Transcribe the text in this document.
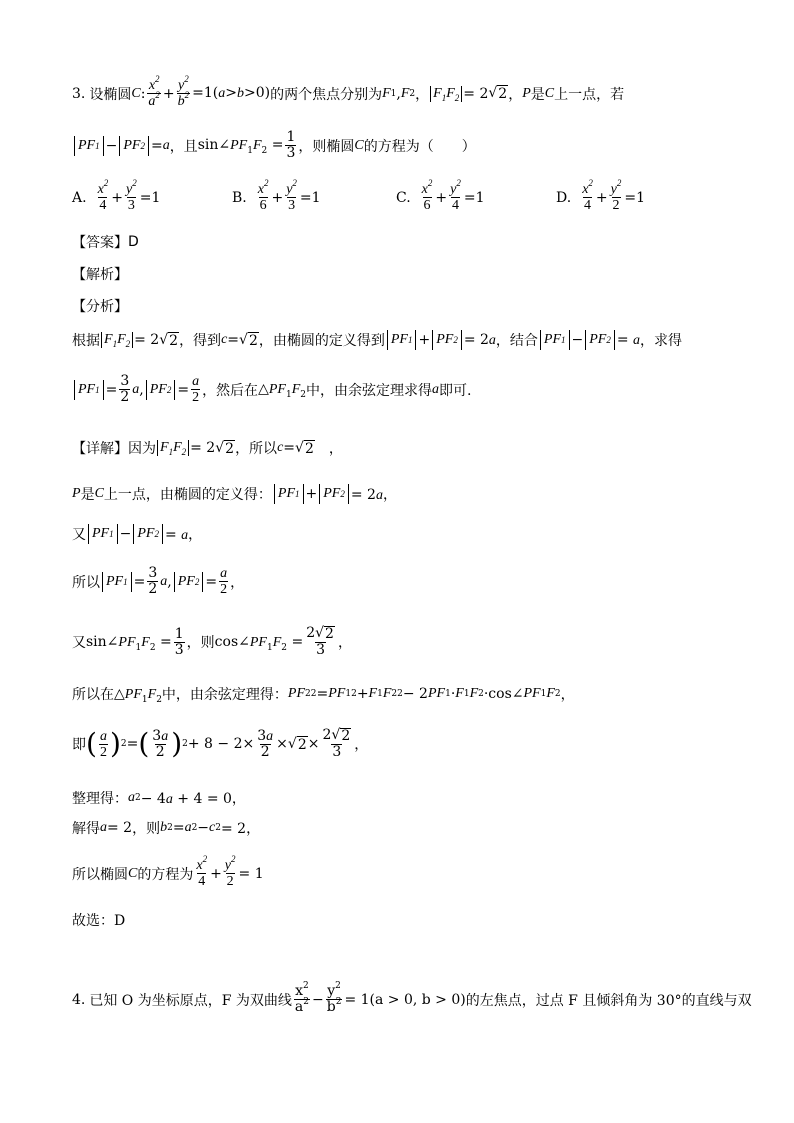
3. 设椭圆 C : $\frac{x^2}{a^2} + \frac{y^2}{b^2} =1(a>b>0)$ 的两个焦点分别为 F 1 , F 2 ， $F_1F_2 = 2$ √ 2 ， P 是 C 上一点，若
PF 1 − PF 2 = a ，且 $\sin\angle PF_1F_2 = \frac{1}{3}$ ，则椭圆 C 的方程为（　　）
A. $\frac{x^2}{4} + \frac{y^2}{3} =1$	B. $\frac{x^2}{6} + \frac{y^2}{3} =1$	C. $\frac{x^2}{6} + \frac{y^2}{4} =1$	D. $\frac{x^2}{4} + \frac{y^2}{2} =1$
【答案】 D
【解析】
【分析】
根据 $F_1F_2 = 2$ √ 2 ，得到 c = √ 2 ，由椭圆的定义得到 PF 1 + PF 2 = 2a ，结合 PF 1 − PF 2 = a ，求得
PF $1 = \frac{3}{2}$ a , PF $2 = \frac{a}{2}$ ，然后在 $\triangle PF_1F_2$ 中，由余弦定理求得 a 即可.
【详解】 因为 $F_1F_2 = 2$ √ 2 ，所以 c = √ 2 　，
P 是 C 上一点，由椭圆的定义得： PF 1 + PF 2 = 2a，
又 PF 1 − PF 2 = a，
所以 PF $1 = \frac{3}{2}$ a , PF $2 = \frac{a}{2}$ ，
又 $\sin\angle PF_1F_2 = \frac{1}{3}$ ，则 $\cos\angle PF_1F_2 = \frac{2 √ 2}{3}$ ，
所以在 $\triangle PF_1F_2$ 中，由余弦定理得： PF 2 2 = PF 1 2 + F 1 F 2 2 − 2 PF 1 · F 1 F 2 ·cos∠ PF 1 F 2 ，
即 ( $\frac{a}{2}$ ) 2 = ( $\frac{3a}{2}$ ) $2 + 8 - 2\times \frac{3a}{2}$ × √ $2 \times \frac{2 √ 2}{3}$ ，
整理得： a 2 − 4a + 4 = 0，
解得 a = 2 ，则 b 2 = a 2 − c 2 = 2，
所以椭圆 C 的方程为 $\frac{x^2}{4} + \frac{y^2}{2} = 1$
故选：D
4. 已知 O 为坐标原点，F 为双曲线 $\frac{x^2}{a^2} - \frac{y^2}{b^2} = 1(a > 0$, b > 0) 的左焦点，过点 F 且倾斜角为 30°的直线与双
